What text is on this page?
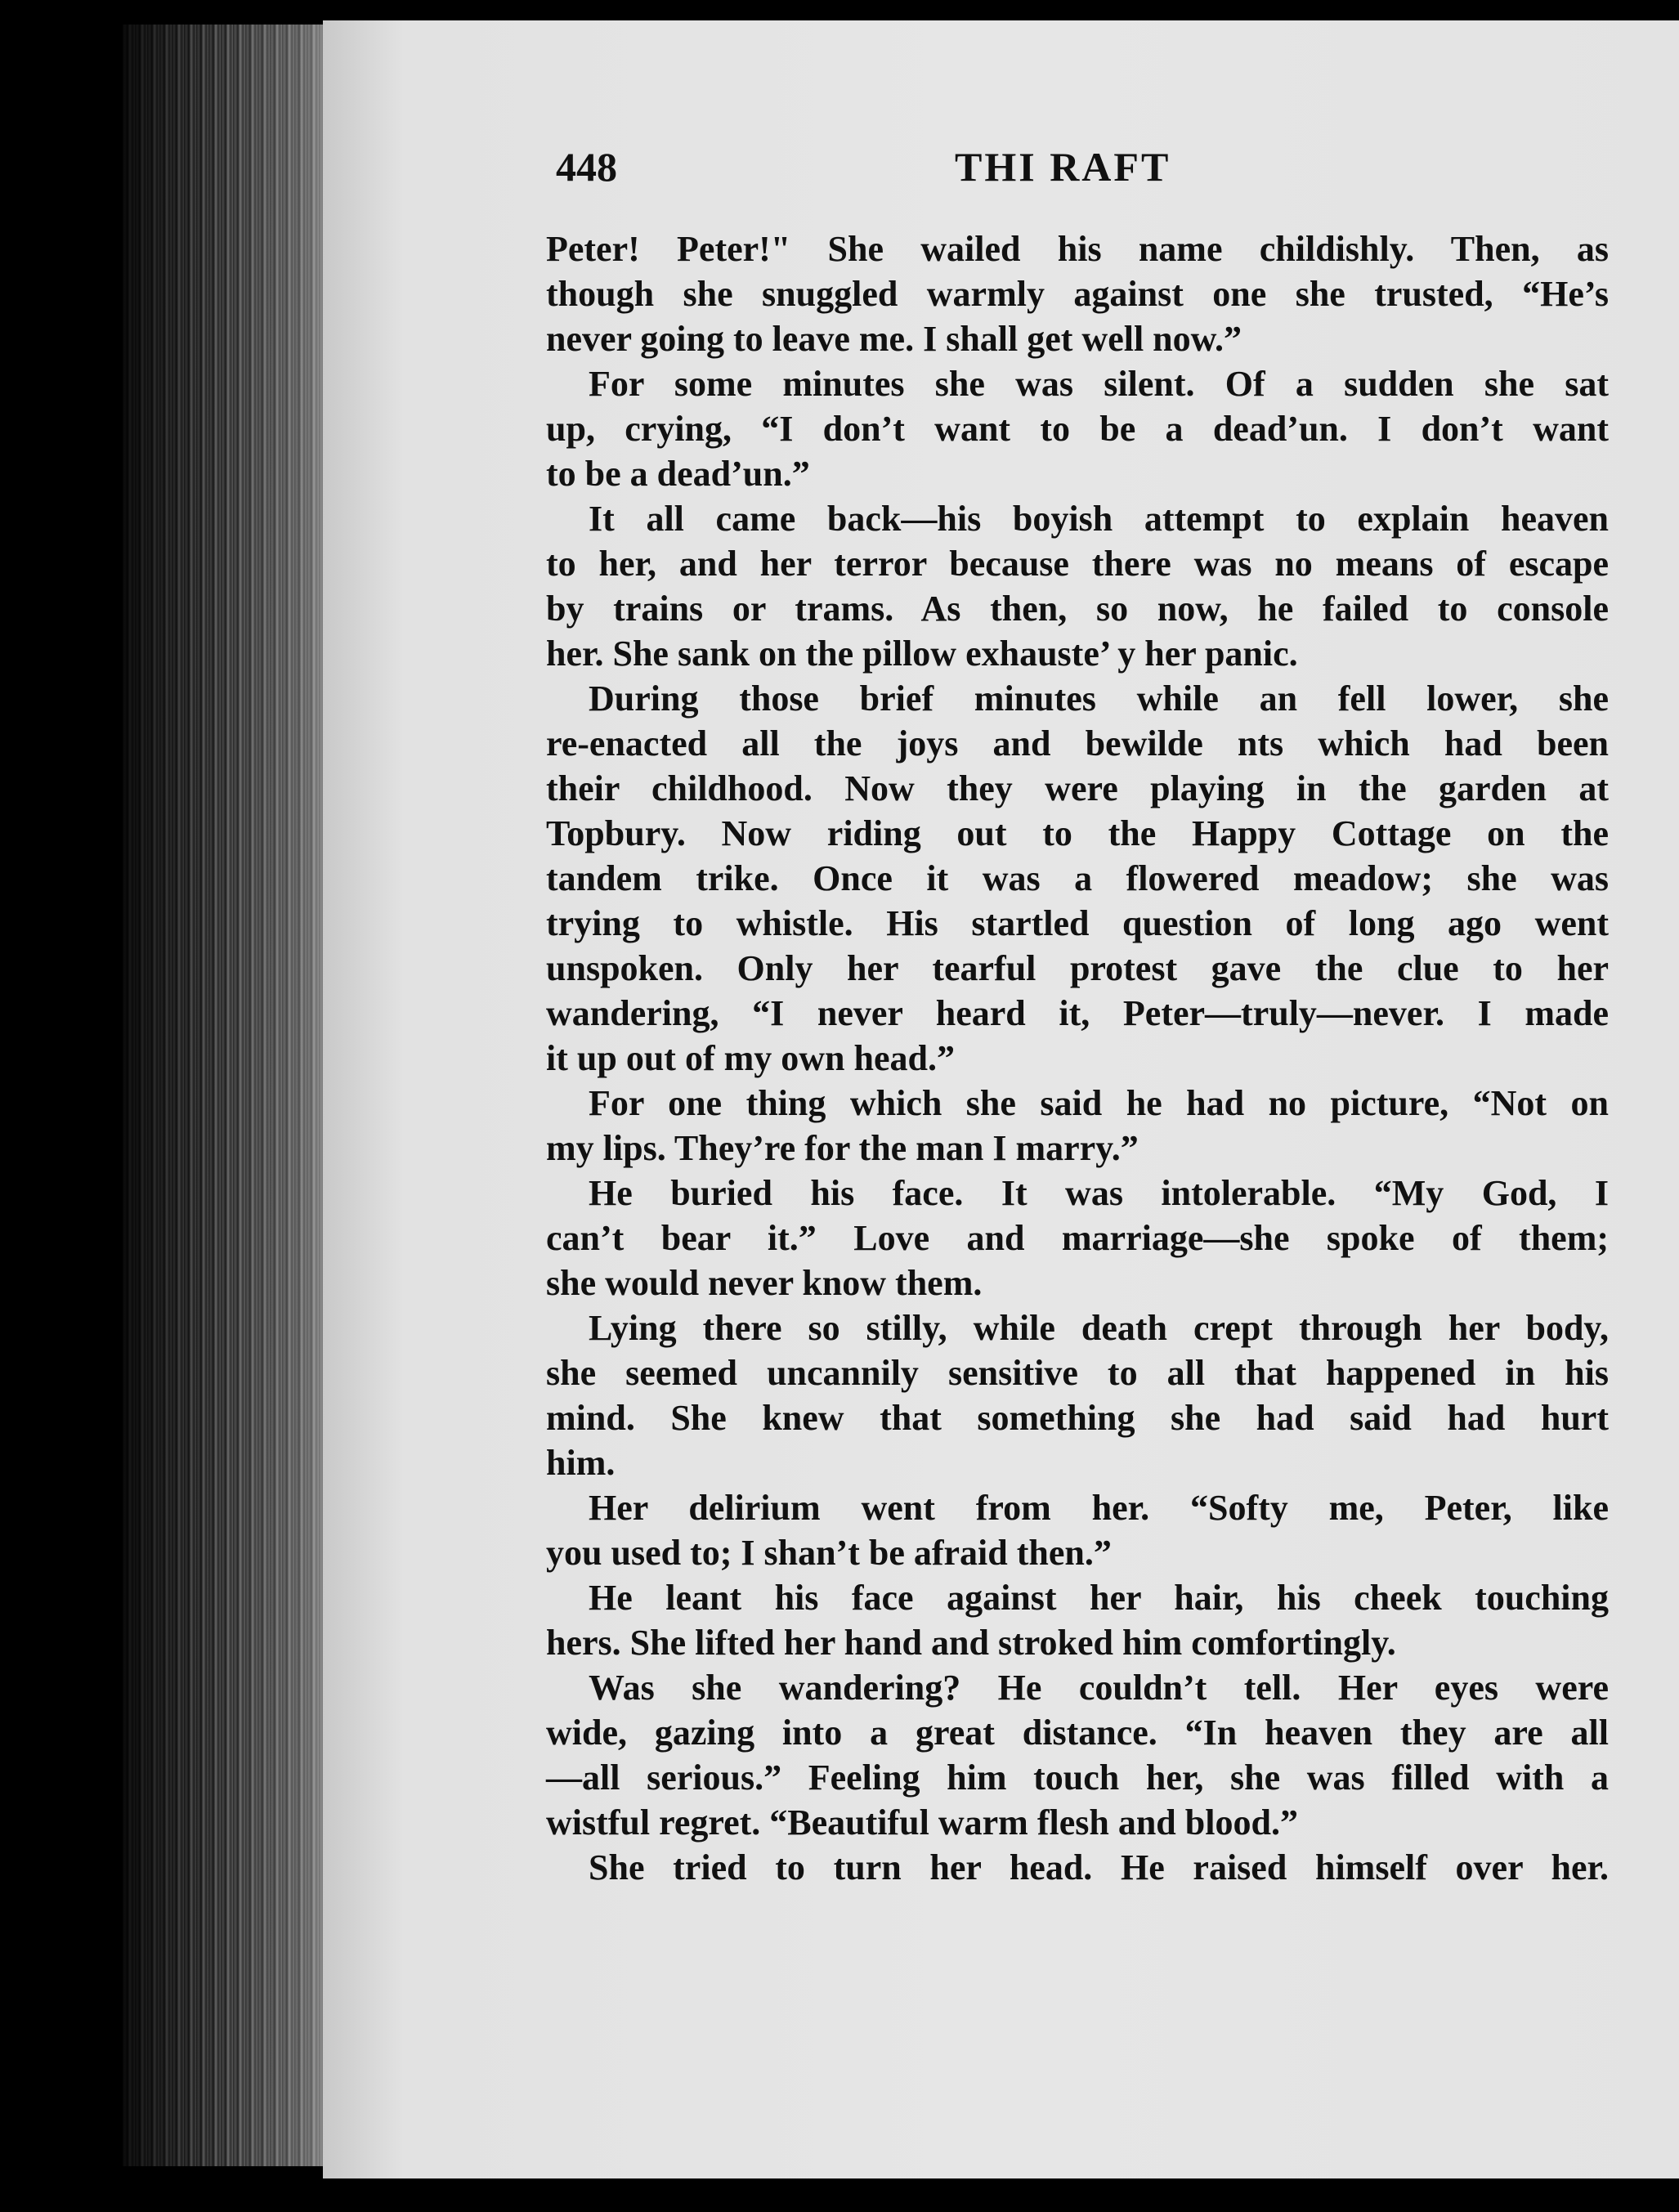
448	THI RAFT
Peter! Peter!" She wailed his name childishly. Then, as
though she snuggled warmly against one she trusted, “He’s
never going to leave me. I shall get well now.”
For some minutes she was silent. Of a sudden she sat
up, crying, “I don’t want to be a dead’un. I don’t want
to be a dead’un.”
It all came back—his boyish attempt to explain heaven
to her, and her terror because there was no means of escape
by trains or trams. As then, so now, he failed to console
her. She sank on the pillow exhauste’ y her panic.
During those brief minutes while an fell lower, she
re-enacted all the joys and bewilde nts which had been
their childhood. Now they were playing in the garden at
Topbury. Now riding out to the Happy Cottage on the
tandem trike. Once it was a flowered meadow; she was
trying to whistle. His startled question of long ago went
unspoken. Only her tearful protest gave the clue to her
wandering, “I never heard it, Peter—truly—never. I made
it up out of my own head.”
For one thing which she said he had no picture, “Not on
my lips. They’re for the man I marry.”
He buried his face. It was intolerable. “My God, I
can’t bear it.” Love and marriage—she spoke of them;
she would never know them.
Lying there so stilly, while death crept through her body,
she seemed uncannily sensitive to all that happened in his
mind. She knew that something she had said had hurt
him.
Her delirium went from her. “Softy me, Peter, like
you used to; I shan’t be afraid then.”
He leant his face against her hair, his cheek touching
hers. She lifted her hand and stroked him comfortingly.
Was she wandering? He couldn’t tell. Her eyes were
wide, gazing into a great distance. “In heaven they are all
—all serious.” Feeling him touch her, she was filled with a
wistful regret. “Beautiful warm flesh and blood.”
She tried to turn her head. He raised himself over her.
